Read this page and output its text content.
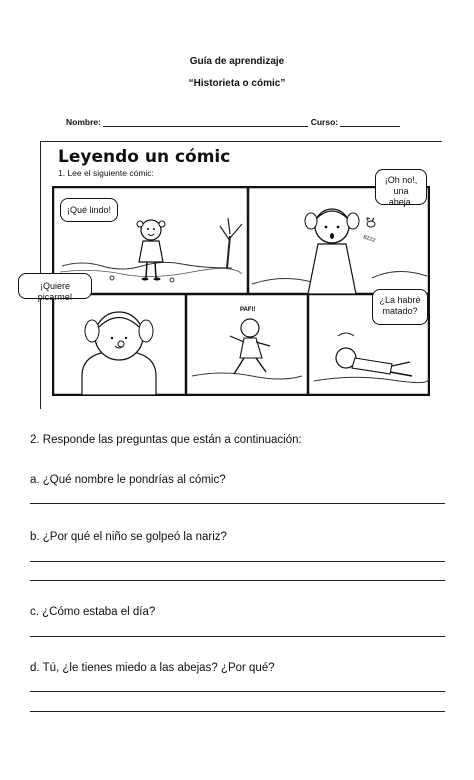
Guía de aprendizaje
“Historieta o cómic”
Nombre:	Curso:
Leyendo un cómic
1. Lee el siguiente cómic:
BZZZ
PAF!!
¡Qué lindo!
¡Oh no!,
una abeja.
¡Quiere picarme!	¿La habré
matado?
2. Responde las preguntas que están a continuación:
a. ¿Qué nombre le pondrías al cómic?
b. ¿Por qué el niño se golpeó la nariz?
c. ¿Cómo estaba el día?
d. Tú, ¿le tienes miedo a las abejas? ¿Por qué?
